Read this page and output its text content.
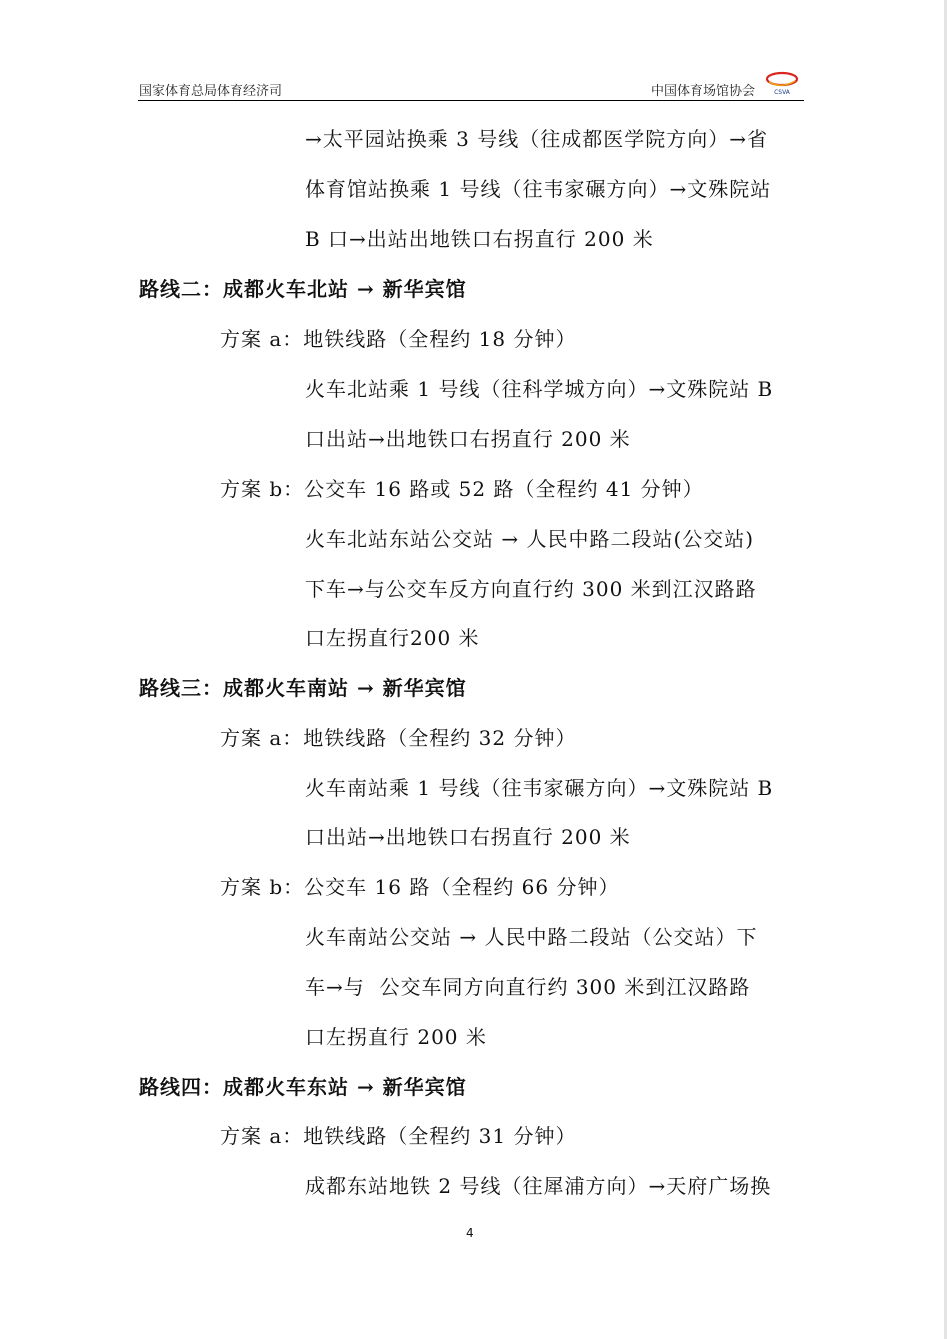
国家体育总局体育经济司	中国体育场馆协会	CSVA
→太平园站换乘 3 号线（往成都医学院方向）→省
体育馆站换乘 1 号线（往韦家碾方向）→文殊院站
B 口→出站出地铁口右拐直行 200 米
路线二：成都火车北站 → 新华宾馆
方案 a：地铁线路（全程约 18 分钟）
火车北站乘 1 号线（往科学城方向）→文殊院站 B
口出站→出地铁口右拐直行 200 米
方案 b：公交车 16 路或 52 路（全程约 41 分钟）
火车北站东站公交站 → 人民中路二段站(公交站)
下车→与公交车反方向直行约 300 米到江汉路路
口左拐直行200 米
路线三：成都火车南站 → 新华宾馆
方案 a：地铁线路（全程约 32 分钟）
火车南站乘 1 号线（往韦家碾方向）→文殊院站 B
口出站→出地铁口右拐直行 200 米
方案 b：公交车 16 路（全程约 66 分钟）
火车南站公交站 → 人民中路二段站（公交站）下
车→与  公交车同方向直行约 300 米到江汉路路
口左拐直行 200 米
路线四：成都火车东站 → 新华宾馆
方案 a：地铁线路（全程约 31 分钟）
成都东站地铁 2 号线（往犀浦方向）→天府广场换
4
